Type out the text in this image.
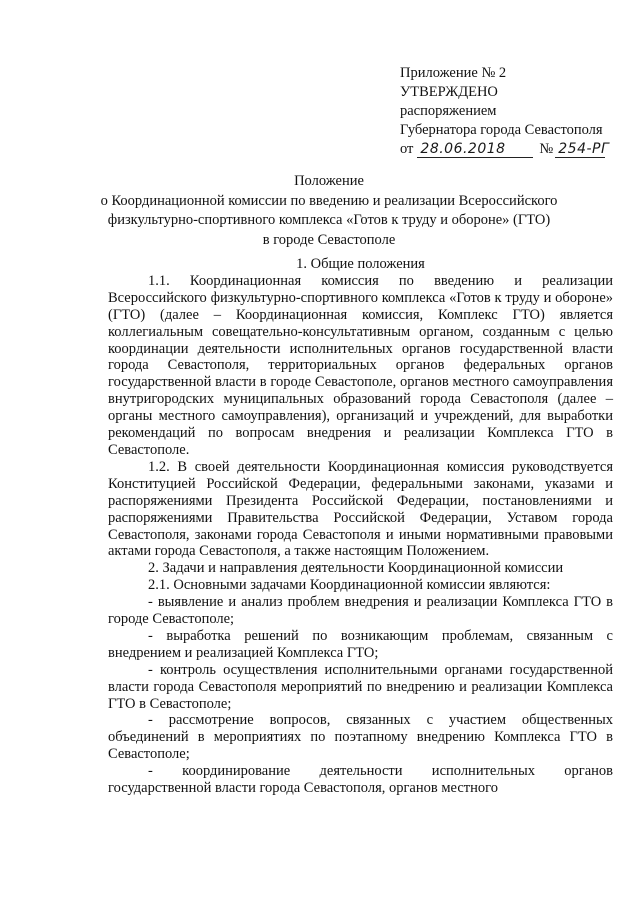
Приложение № 2
УТВЕРЖДЕНО
распоряжением
Губернатора города Севастополя
от 28.06.2018	№ 254-РГ
Положение
о Координационной комиссии по введению и реализации Всероссийского
физкультурно-спортивного комплекса «Готов к труду и обороне» (ГТО)
в городе Севастополе
1. Общие положения
1.1. Координационная комиссия по введению и реализации Всероссийского физкультурно-спортивного комплекса «Готов к труду и обороне» (ГТО) (далее – Координационная комиссия, Комплекс ГТО) является коллегиальным совещательно-консультативным органом, созданным с целью координации деятельности исполнительных органов государственной власти города Севастополя, территориальных органов федеральных органов государственной власти в городе Севастополе, органов местного самоуправления внутригородских муниципальных образований города Севастополя (далее – органы местного самоуправления), организаций и учреждений, для выработки рекомендаций по вопросам внедрения и реализации Комплекса ГТО в Севастополе.
1.2. В своей деятельности Координационная комиссия руководствуется Конституцией Российской Федерации, федеральными законами, указами и распоряжениями Президента Российской Федерации, постановлениями и распоряжениями Правительства Российской Федерации, Уставом города Севастополя, законами города Севастополя и иными нормативными правовыми актами города Севастополя, а также настоящим Положением.
2. Задачи и направления деятельности Координационной комиссии
2.1. Основными задачами Координационной комиссии являются:
- выявление и анализ проблем внедрения и реализации Комплекса ГТО в городе Севастополе;
- выработка решений по возникающим проблемам, связанным с внедрением и реализацией Комплекса ГТО;
- контроль осуществления исполнительными органами государственной власти города Севастополя мероприятий по внедрению и реализации Комплекса ГТО в Севастополе;
- рассмотрение вопросов, связанных с участием общественных объединений в мероприятиях по поэтапному внедрению Комплекса ГТО в Севастополе;
- координирование деятельности исполнительных органов государственной власти города Севастополя, органов местного
